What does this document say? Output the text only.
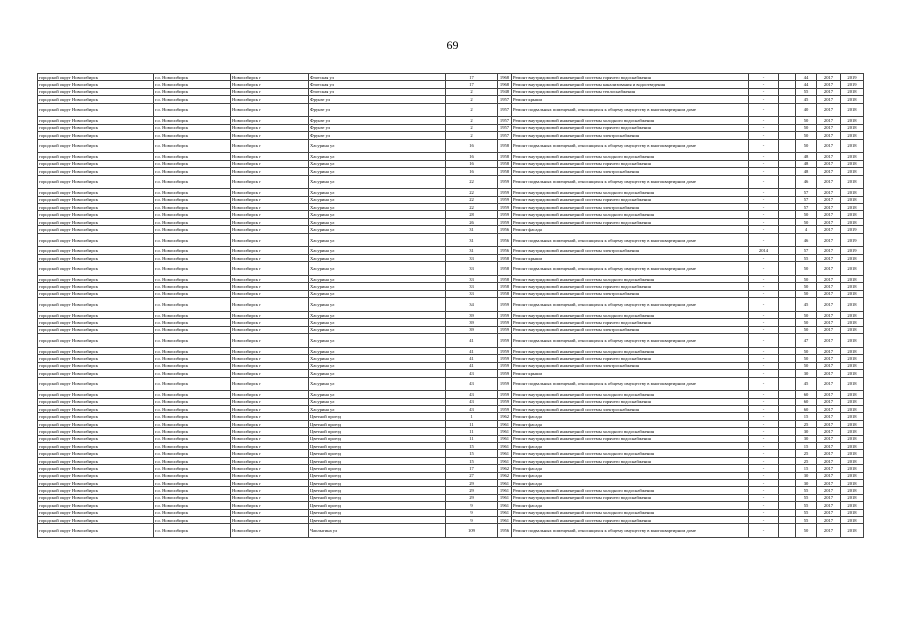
69
городской округ Новосибирск	г.о. Новосибирск	Новосибирск г	Флотская ул	17	1968	Ремонт внутридомовой инженерной системы горячего водоснабжения	-		44	2017	2019
городской округ Новосибирск	г.о. Новосибирск	Новосибирск г	Флотская ул	17	1968	Ремонт внутридомовой инженерной системы канализования и водоотведения	-		44	2017	2019
городской округ Новосибирск	г.о. Новосибирск	Новосибирск г	Флотская ул	2	1948	Ремонт внутридомовой инженерной системы теплоснабжения	-		55	2017	2018
городской округ Новосибирск	г.о. Новосибирск	Новосибирск г	Фрунзе ул	2	1957	Ремонт крыши	-		45	2017	2018
городской округ Новосибирск	г.о. Новосибирск	Новосибирск г	Фрунзе ул	2	1957	Ремонт подвальных помещений, относящихся к общему имуществу в многоквартирном доме	-		40	2017	2018
городской округ Новосибирск	г.о. Новосибирск	Новосибирск г	Фрунзе ул	2	1957	Ремонт внутридомовой инженерной системы холодного водоснабжения	-		50	2017	2018
городской округ Новосибирск	г.о. Новосибирск	Новосибирск г	Фрунзе ул	2	1957	Ремонт внутридомовой инженерной системы горячего водоснабжения	-		50	2017	2018
городской округ Новосибирск	г.о. Новосибирск	Новосибирск г	Фрунзе ул	2	1957	Ремонт внутридомовой инженерной системы электроснабжения	-		50	2017	2018
городской округ Новосибирск	г.о. Новосибирск	Новосибирск г	Хасурина ул	16	1958	Ремонт подвальных помещений, относящихся к общему имуществу в многоквартирном доме	-		50	2017	2018
городской округ Новосибирск	г.о. Новосибирск	Новосибирск г	Хасурина ул	16	1958	Ремонт внутридомовой инженерной системы холодного водоснабжения	-		48	2017	2018
городской округ Новосибирск	г.о. Новосибирск	Новосибирск г	Хасурина ул	16	1958	Ремонт внутридомовой инженерной системы горячего водоснабжения	-		48	2017	2018
городской округ Новосибирск	г.о. Новосибирск	Новосибирск г	Хасурина ул	16	1958	Ремонт внутридомовой инженерной системы электроснабжения	-		48	2017	2018
городской округ Новосибирск	г.о. Новосибирск	Новосибирск г	Хасурина ул	22	1959	Ремонт подвальных помещений, относящихся к общему имуществу в многоквартирном доме	-		46	2017	2018
городской округ Новосибирск	г.о. Новосибирск	Новосибирск г	Хасурина ул	22	1959	Ремонт внутридомовой инженерной системы холодного водоснабжения	-		57	2017	2018
городской округ Новосибирск	г.о. Новосибирск	Новосибирск г	Хасурина ул	22	1959	Ремонт внутридомовой инженерной системы горячего водоснабжения	-		57	2017	2018
городской округ Новосибирск	г.о. Новосибирск	Новосибирск г	Хасурина ул	22	1959	Ремонт внутридомовой инженерной системы электроснабжения	-		57	2017	2018
городской округ Новосибирск	г.о. Новосибирск	Новосибирск г	Хасурина ул	28	1959	Ремонт внутридомовой инженерной системы холодного водоснабжения	-		50	2017	2018
городской округ Новосибирск	г.о. Новосибирск	Новосибирск г	Хасурина ул	26	1959	Ремонт внутридомовой инженерной системы горячего водоснабжения	-		50	2017	2018
городской округ Новосибирск	г.о. Новосибирск	Новосибирск г	Хасурина ул	31	1956	Ремонт фасада	-		4	2017	2019
городской округ Новосибирск	г.о. Новосибирск	Новосибирск г	Хасурина ул	31	1956	Ремонт подвальных помещений, относящихся к общему имуществу в многоквартирном доме	-		46	2017	2019
городской округ Новосибирск	г.о. Новосибирск	Новосибирск г	Хасурина ул	31	1956	Ремонт внутридомовой инженерной системы электроснабжения	2014		57	2017	2019
городской округ Новосибирск	г.о. Новосибирск	Новосибирск г	Хасурина ул	33	1958	Ремонт крыши	-		55	2017	2018
городской округ Новосибирск	г.о. Новосибирск	Новосибирск г	Хасурина ул	33	1958	Ремонт подвальных помещений, относящихся к общему имуществу в многоквартирном доме	-		50	2017	2018
городской округ Новосибирск	г.о. Новосибирск	Новосибирск г	Хасурина ул	33	1958	Ремонт внутридомовой инженерной системы холодного водоснабжения	-		50	2017	2018
городской округ Новосибирск	г.о. Новосибирск	Новосибирск г	Хасурина ул	33	1958	Ремонт внутридомовой инженерной системы горячего водоснабжения	-		50	2017	2018
городской округ Новосибирск	г.о. Новосибирск	Новосибирск г	Хасурина ул	33	1958	Ремонт внутридомовой инженерной системы электроснабжения	-		50	2017	2018
городской округ Новосибирск	г.о. Новосибирск	Новосибирск г	Хасурина ул	34	1959	Ремонт подвальных помещений, относящихся к общему имуществу в многоквартирном доме	-		45	2017	2018
городской округ Новосибирск	г.о. Новосибирск	Новосибирск г	Хасурина ул	39	1959	Ремонт внутридомовой инженерной системы холодного водоснабжения	-		50	2017	2018
городской округ Новосибирск	г.о. Новосибирск	Новосибирск г	Хасурина ул	39	1959	Ремонт внутридомовой инженерной системы горячего водоснабжения	-		50	2017	2018
городской округ Новосибирск	г.о. Новосибирск	Новосибирск г	Хасурина ул	39	1959	Ремонт внутридомовой инженерной системы электроснабжения	-		50	2017	2018
городской округ Новосибирск	г.о. Новосибирск	Новосибирск г	Хасурина ул	41	1959	Ремонт подвальных помещений, относящихся к общему имуществу в многоквартирном доме	-		47	2017	2018
городской округ Новосибирск	г.о. Новосибирск	Новосибирск г	Хасурина ул	41	1959	Ремонт внутридомовой инженерной системы холодного водоснабжения	-		50	2017	2018
городской округ Новосибирск	г.о. Новосибирск	Новосибирск г	Хасурина ул	41	1959	Ремонт внутридомовой инженерной системы горячего водоснабжения	-		50	2017	2018
городской округ Новосибирск	г.о. Новосибирск	Новосибирск г	Хасурина ул	41	1959	Ремонт внутридомовой инженерной системы электроснабжения	-		50	2017	2018
городской округ Новосибирск	г.о. Новосибирск	Новосибирск г	Хасурина ул	43	1959	Ремонт крыши	-		30	2017	2018
городской округ Новосибирск	г.о. Новосибирск	Новосибирск г	Хасурина ул	43	1959	Ремонт подвальных помещений, относящихся к общему имуществу в многоквартирном доме	-		45	2017	2018
городской округ Новосибирск	г.о. Новосибирск	Новосибирск г	Хасурина ул	43	1959	Ремонт внутридомовой инженерной системы холодного водоснабжения	-		60	2017	2018
городской округ Новосибирск	г.о. Новосибирск	Новосибирск г	Хасурина ул	43	1959	Ремонт внутридомовой инженерной системы горячего водоснабжения	-		60	2017	2018
городской округ Новосибирск	г.о. Новосибирск	Новосибирск г	Хасурина ул	43	1959	Ремонт внутридомовой инженерной системы электроснабжения	-		60	2017	2018
городской округ Новосибирск	г.о. Новосибирск	Новосибирск г	Цветной проезд	1	1962	Ремонт фасада	-		15	2017	2018
городской округ Новосибирск	г.о. Новосибирск	Новосибирск г	Цветной проезд	11	1961	Ремонт фасада	-		25	2017	2018
городской округ Новосибирск	г.о. Новосибирск	Новосибирск г	Цветной проезд	11	1961	Ремонт внутридомовой инженерной системы холодного водоснабжения	-		30	2017	2018
городской округ Новосибирск	г.о. Новосибирск	Новосибирск г	Цветной проезд	11	1961	Ремонт внутридомовой инженерной системы горячего водоснабжения	-		30	2017	2018
городской округ Новосибирск	г.о. Новосибирск	Новосибирск г	Цветной проезд	15	1961	Ремонт фасада	-		15	2017	2018
городской округ Новосибирск	г.о. Новосибирск	Новосибирск г	Цветной проезд	15	1961	Ремонт внутридомовой инженерной системы холодного водоснабжения	-		25	2017	2018
городской округ Новосибирск	г.о. Новосибирск	Новосибирск г	Цветной проезд	15	1961	Ремонт внутридомовой инженерной системы горячего водоснабжения	-		25	2017	2018
городской округ Новосибирск	г.о. Новосибирск	Новосибирск г	Цветной проезд	17	1962	Ремонт фасада	-		15	2017	2018
городской округ Новосибирск	г.о. Новосибирск	Новосибирск г	Цветной проезд	27	1962	Ремонт фасада	-		30	2017	2018
городской округ Новосибирск	г.о. Новосибирск	Новосибирск г	Цветной проезд	29	1961	Ремонт фасада	-		30	2017	2018
городской округ Новосибирск	г.о. Новосибирск	Новосибирск г	Цветной проезд	29	1961	Ремонт внутридомовой инженерной системы холодного водоснабжения	-		55	2017	2018
городской округ Новосибирск	г.о. Новосибирск	Новосибирск г	Цветной проезд	29	1961	Ремонт внутридомовой инженерной системы горячего водоснабжения	-		55	2017	2018
городской округ Новосибирск	г.о. Новосибирск	Новосибирск г	Цветной проезд	9	1961	Ремонт фасада	-		55	2017	2018
городской округ Новосибирск	г.о. Новосибирск	Новосибирск г	Цветной проезд	9	1961	Ремонт внутридомовой инженерной системы холодного водоснабжения	-		55	2017	2018
городской округ Новосибирск	г.о. Новосибирск	Новосибирск г	Цветной проезд	9	1961	Ремонт внутридомовой инженерной системы горячего водоснабжения	-		55	2017	2018
городской округ Новосибирск	г.о. Новосибирск	Новосибирск г	Чаплыгина ул	109	1956	Ремонт подвальных помещений, относящихся к общему имуществу в многоквартирном доме	-		50	2017	2018
